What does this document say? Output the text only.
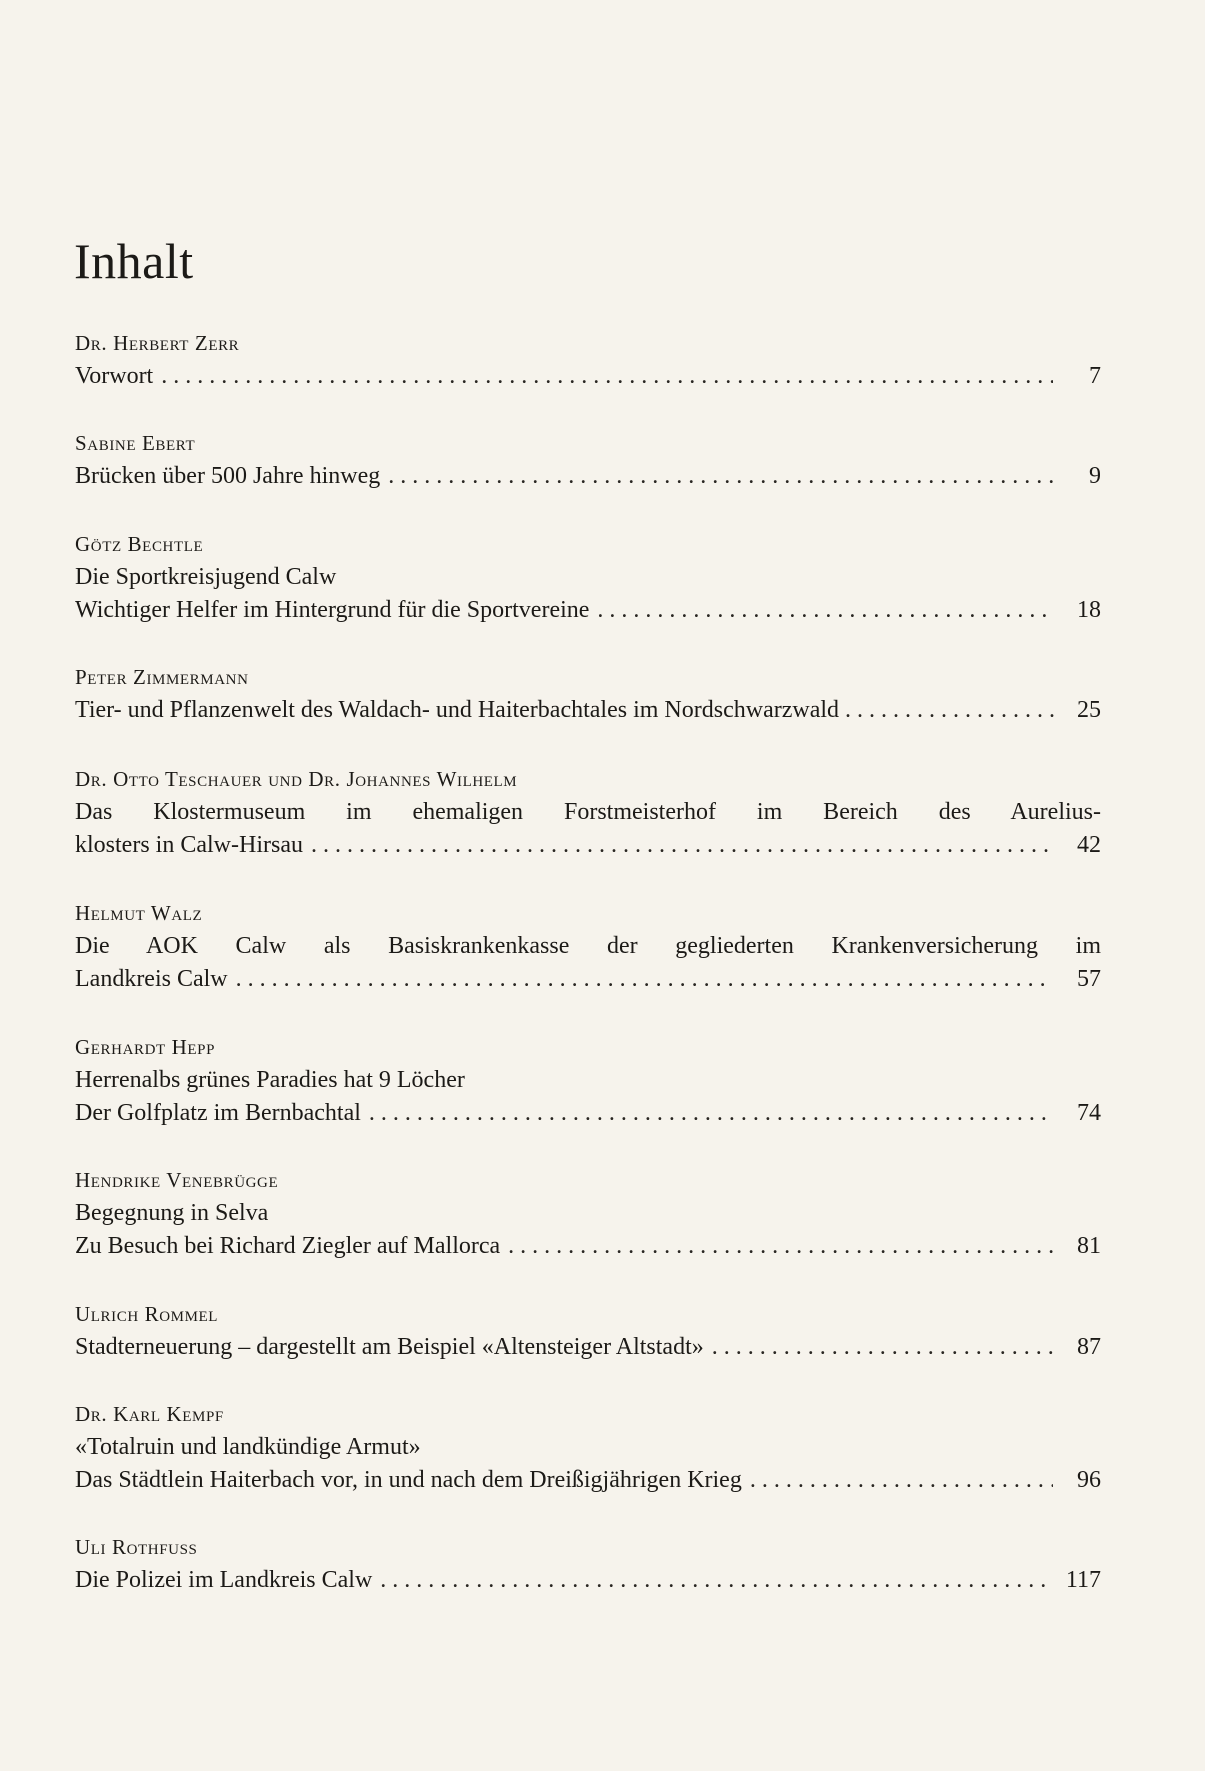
Inhalt
Dr. Herbert Zerr
Vorwort . . .	7
Sabine Ebert
Brücken über 500 Jahre hinweg . . .	9
Götz Bechtle
Die Sportkreisjugend Calw
Wichtiger Helfer im Hintergrund für die Sportvereine . . .	18
Peter Zimmermann
Tier- und Pflanzenwelt des Waldach- und Haiterbachtales im Nordschwarzwald . . .	25
Dr. Otto Teschauer und Dr. Johannes Wilhelm
Das Klostermuseum im ehemaligen Forstmeisterhof im Bereich des Aurelius-
klosters in Calw-Hirsau . . .	42
Helmut Walz
Die AOK Calw als Basiskrankenkasse der gegliederten Krankenversicherung im
Landkreis Calw . . .	57
Gerhardt Hepp
Herrenalbs grünes Paradies hat 9 Löcher
Der Golfplatz im Bernbachtal . . .	74
Hendrike Venebrügge
Begegnung in Selva
Zu Besuch bei Richard Ziegler auf Mallorca . . .	81
Ulrich Rommel
Stadterneuerung – dargestellt am Beispiel «Altensteiger Altstadt» . . .	87
Dr. Karl Kempf
«Totalruin und landkündige Armut»
Das Städtlein Haiterbach vor, in und nach dem Dreißigjährigen Krieg . . .	96
Uli Rothfuss
Die Polizei im Landkreis Calw . . .	117
